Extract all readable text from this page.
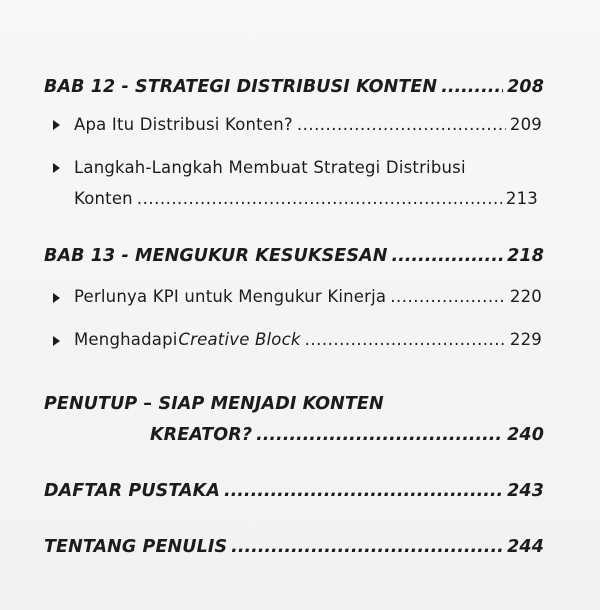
BAB 12 - STRATEGI DISTRIBUSI KONTEN .....	208
Apa Itu Distribusi Konten? .....	209
Langkah-Langkah Membuat Strategi Distribusi
Konten .....	213
BAB 13 - MENGUKUR KESUKSESAN .....	218
Perlunya KPI untuk Mengukur Kinerja .....	220
Menghadapi Creative Block .....	229
PENUTUP – SIAP MENJADI KONTEN
KREATOR? .....	240
DAFTAR PUSTAKA .....	243
TENTANG PENULIS .....	244
